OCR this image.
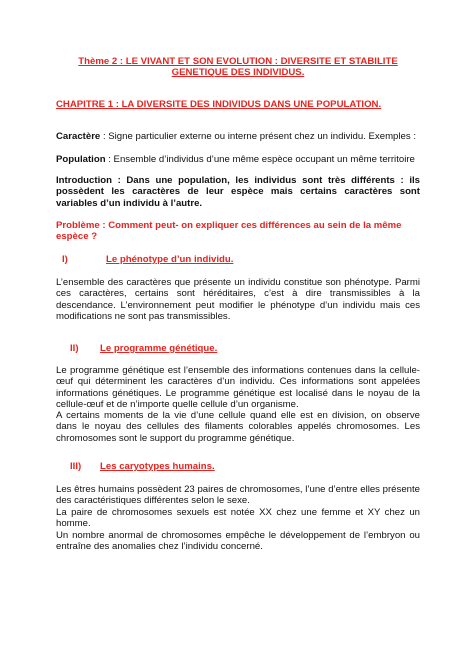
Thème 2 : LE VIVANT ET SON EVOLUTION : DIVERSITE ET STABILITE
GENETIQUE DES INDIVIDUS.
CHAPITRE 1 : LA DIVERSITE DES INDIVIDUS DANS UNE POPULATION.
Caractère : Signe particulier externe ou interne présent chez un individu. Exemples :
Population : Ensemble d’individus d’une même espèce occupant un même territoire
Introduction : Dans une population, les individus sont très différents : ils possèdent les caractères de leur espèce mais certains caractères sont variables d’un individu à l’autre.
Problème : Comment peut- on expliquer ces différences au sein de la même espèce ?
I)	Le phénotype d’un individu.
L’ensemble des caractères que présente un individu constitue son phénotype. Parmi ces caractères, certains sont héréditaires, c’est à dire transmissibles à la descendance. L’environnement peut modifier le phénotype d’un individu mais ces modifications ne sont pas transmissibles.
II) Le programme génétique.
Le programme génétique est l’ensemble des informations contenues dans la cellule-œuf qui déterminent les caractères d’un individu. Ces informations sont appelées informations génétiques. Le programme génétique est localisé dans le noyau de la cellule-œuf et de n’importe quelle cellule d’un organisme.
A certains moments de la vie d’une cellule quand elle est en division, on observe dans le noyau des cellules des filaments colorables appelés chromosomes. Les chromosomes sont le support du programme génétique.
III) Les caryotypes humains.
Les êtres humains possèdent 23 paires de chromosomes, l’une d’entre elles présente des caractéristiques différentes selon le sexe.
La paire de chromosomes sexuels est notée XX chez une femme et XY chez un homme.
Un nombre anormal de chromosomes empêche le développement de l’embryon ou entraîne des anomalies chez l’individu concerné.
